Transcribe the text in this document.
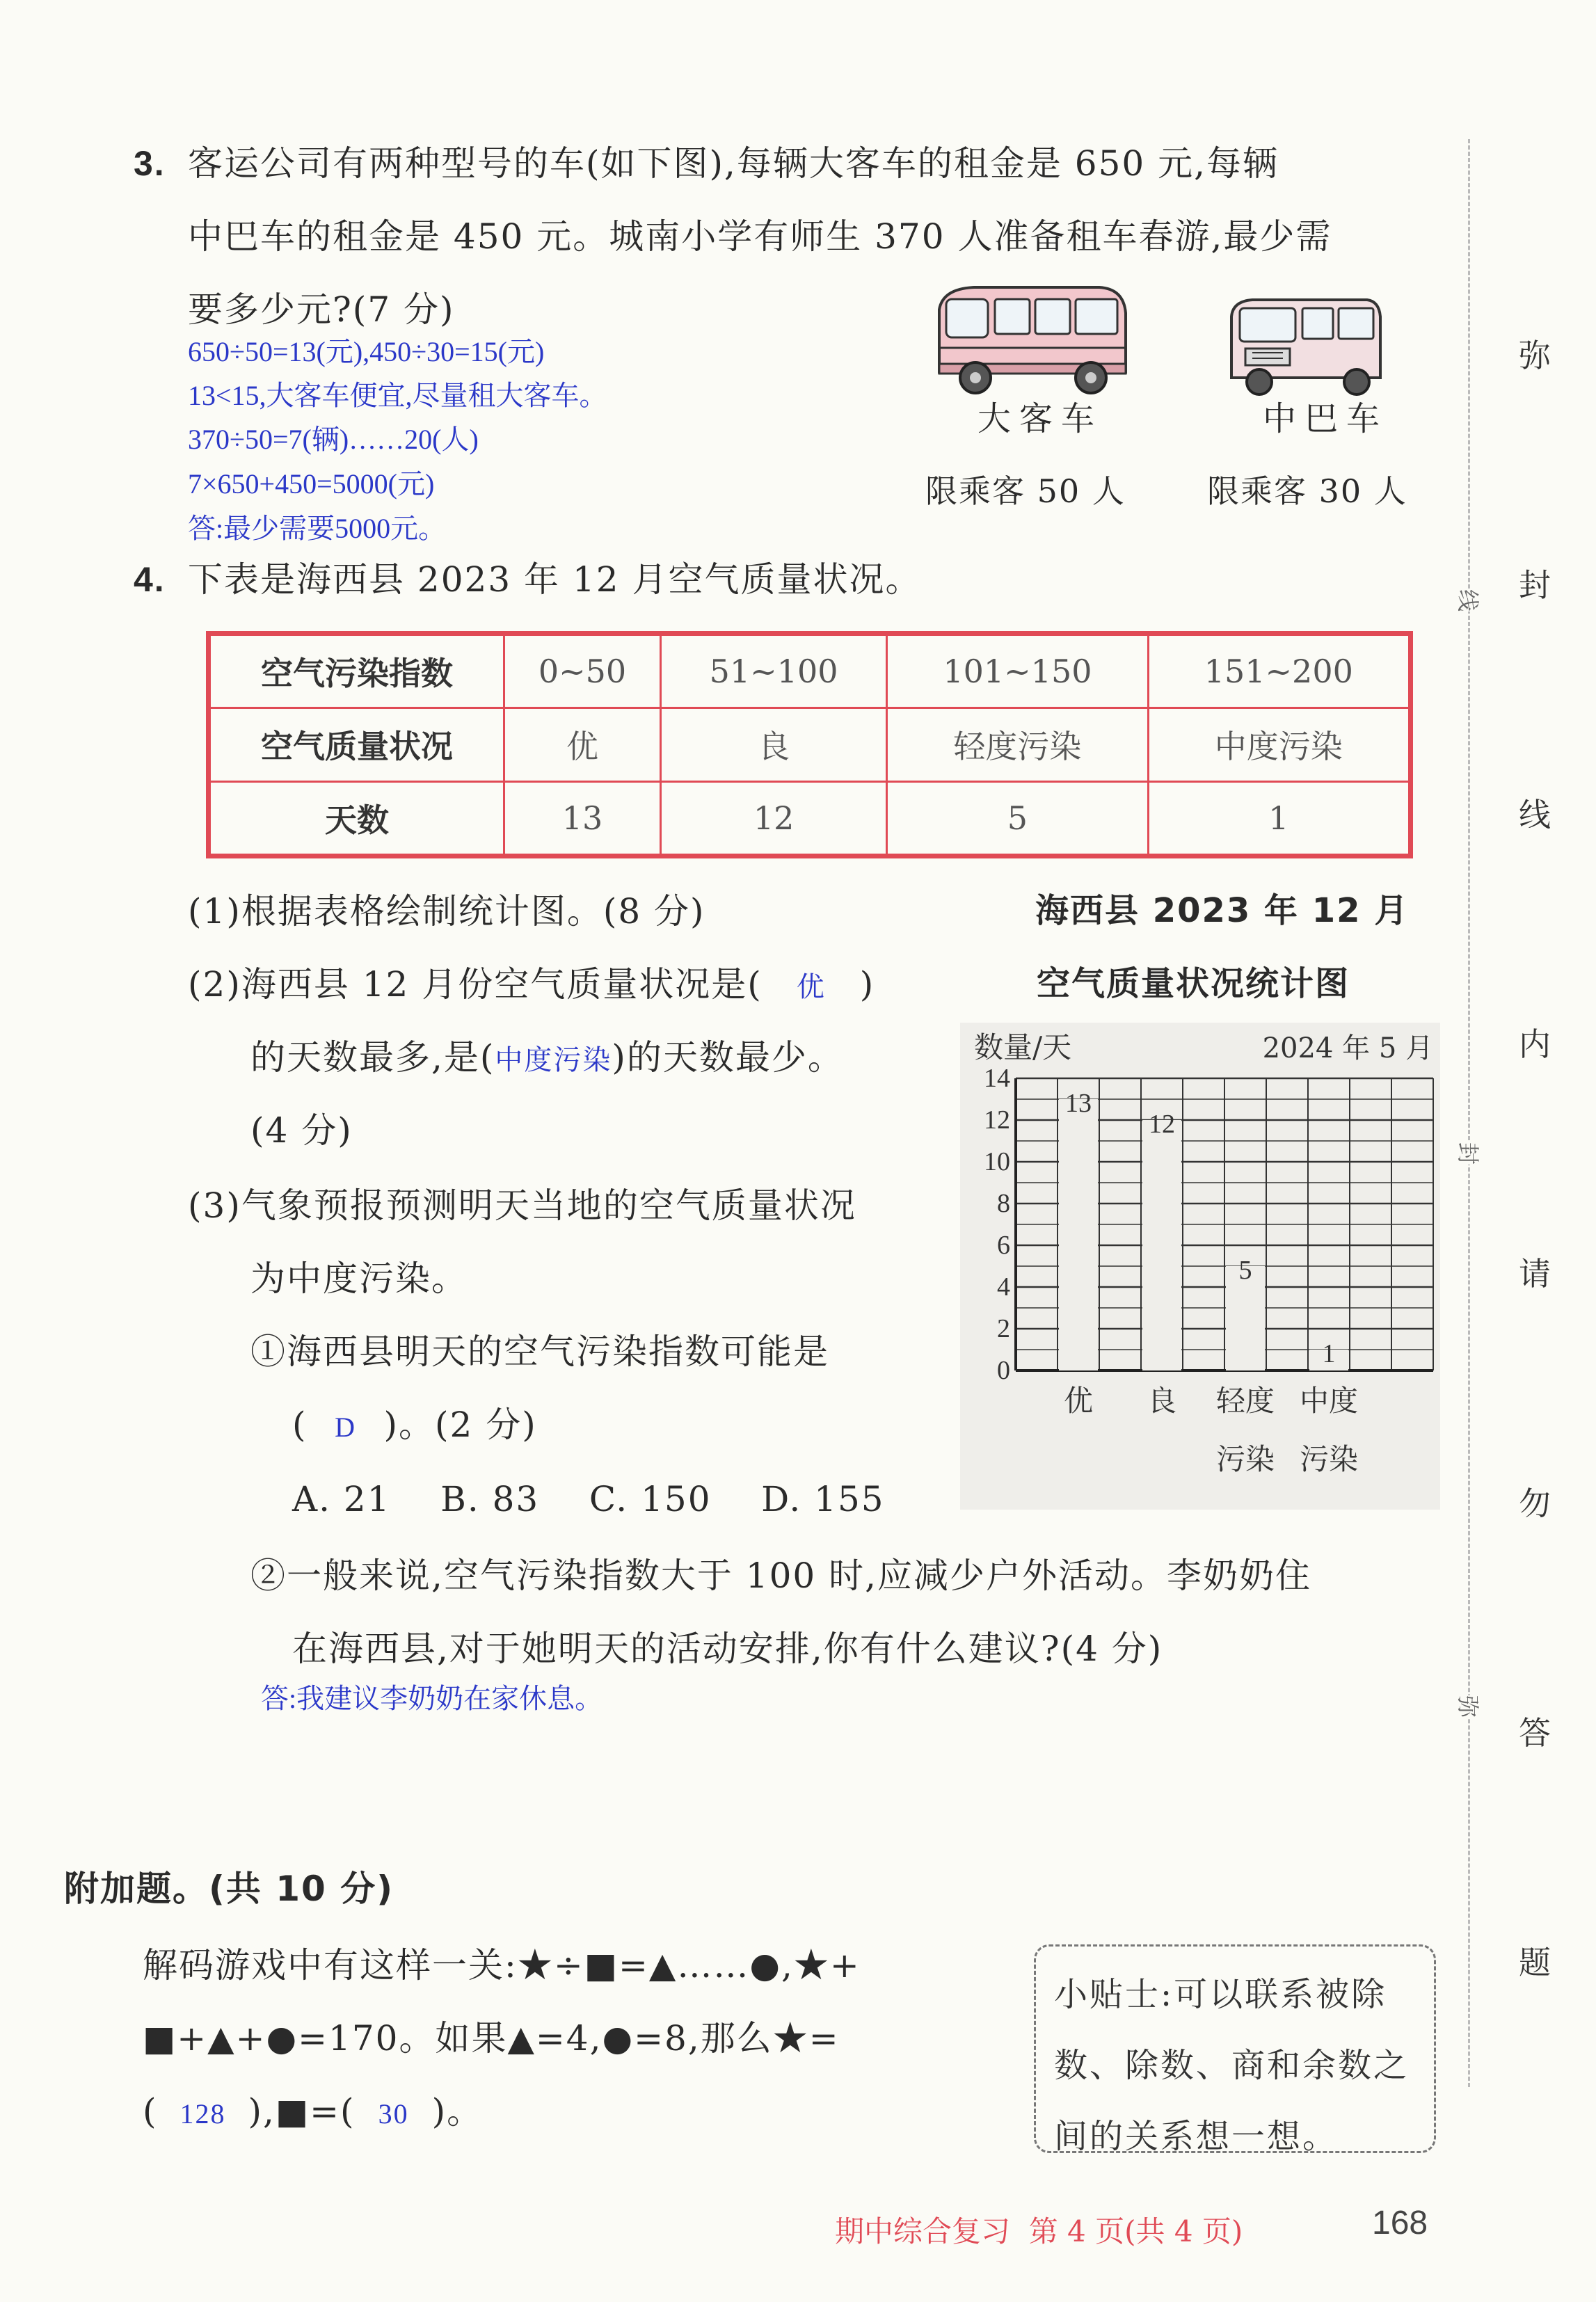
3. 客运公司有两种型号的车(如下图),每辆大客车的租金是 650 元,每辆
中巴车的租金是 450 元。城南小学有师生 370 人准备租车春游,最少需
要多少元?(7 分)
650÷50=13(元),450÷30=15(元)
13<15,大客车便宜,尽量租大客车。
370÷50=7(辆)……20(人)
7×650+450=5000(元)
答:最少需要5000元。
大客车
限乘客 50 人
中巴车
限乘客 30 人
4. 下表是海西县 2023 年 12 月空气质量状况。
空气污染指数	0~50	51~100	101~150	151~200
空气质量状况	优	良	轻度污染	中度污染
天数	13	12	5	1
(1)根据表格绘制统计图。(8 分)
(2)海西县 12 月份空气质量状况是( 优 )
的天数最多,是(中度污染)的天数最少。
(4 分)
(3)气象预报预测明天当地的空气质量状况
为中度污染。
①海西县明天的空气污染指数可能是
( D )。(2 分)
A. 21    B. 83    C. 150    D. 155
②一般来说,空气污染指数大于 100 时,应减少户外活动。李奶奶住
在海西县,对于她明天的活动安排,你有什么建议?(4 分)
答:我建议李奶奶在家休息。
海西县 2023 年 12 月
空气质量状况统计图
0
2
4
6
8
10
12
14
数量/天	2024 年 5 月
13
优
12
良
5
轻度
污染
1
中度
污染
附加题。(共 10 分)
解码游戏中有这样一关:★÷■=▲……●,★+
■+▲+●=170。如果▲=4,●=8,那么★=
( 128 ),■=( 30 )。
小贴士:可以联系被除
数、除数、商和余数之
间的关系想一想。
弥
封
线
内
请
勿
答
题
线
封
弥
期中综合复习  第 4 页(共 4 页)	168
